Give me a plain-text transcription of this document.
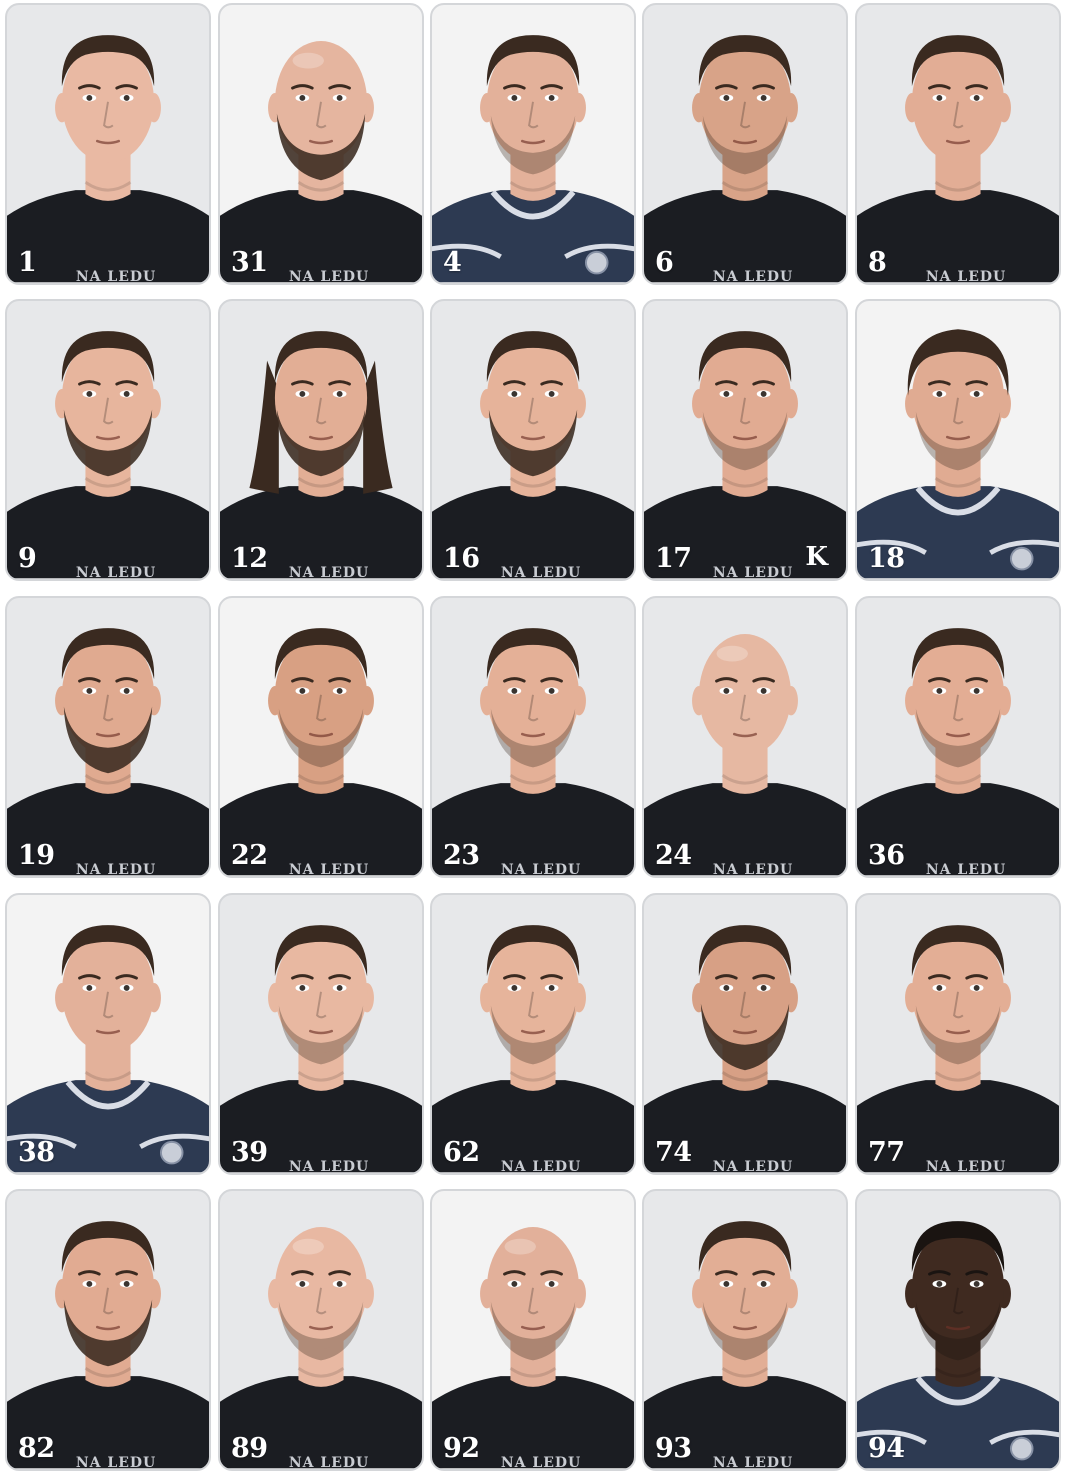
NA LEDU
1	NA LEDU
31	4	NA LEDU
6	NA LEDU
8
NA LEDU
9	NA LEDU
12	NA LEDU
16	NA LEDU
17	K 18
NA LEDU
19	NA LEDU
22	NA LEDU
23	NA LEDU
24	NA LEDU
36
38	NA LEDU
39	NA LEDU
62	NA LEDU
74	NA LEDU
77
NA LEDU
82	NA LEDU
89	NA LEDU
92	NA LEDU
93	94
